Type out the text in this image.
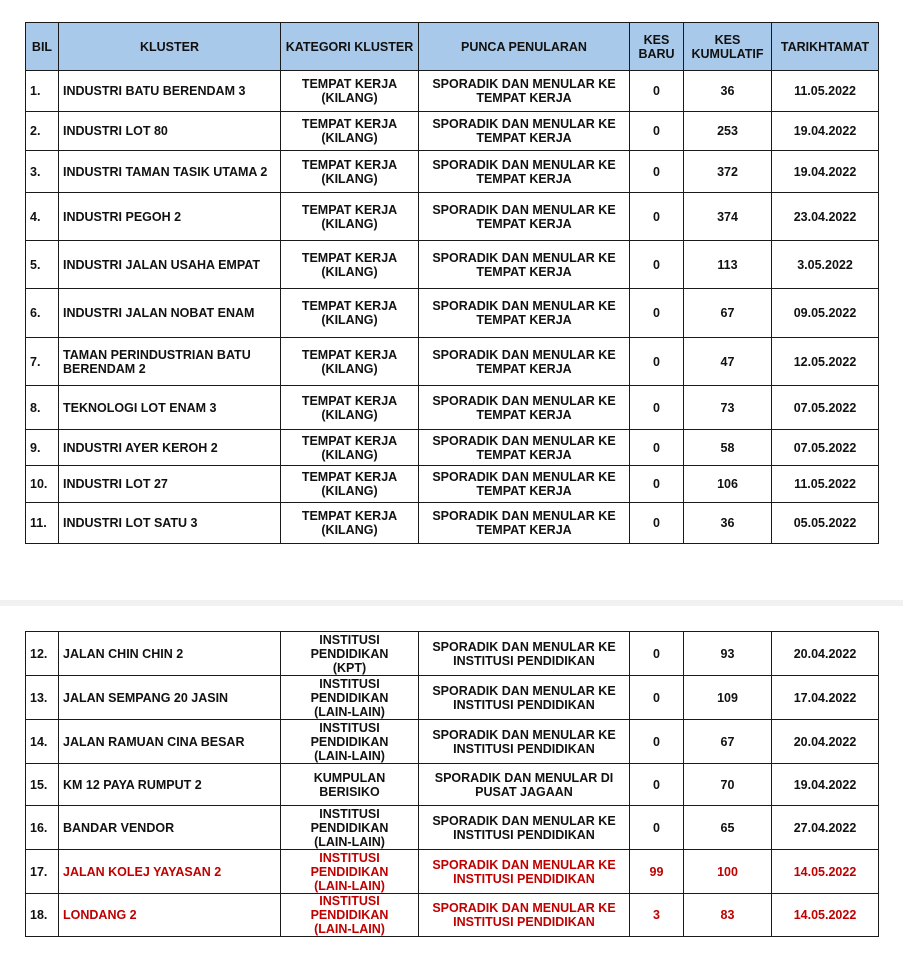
BIL	KLUSTER	KATEGORI KLUSTER	PUNCA PENULARAN	KES
BARU	KES
KUMULATIF	TARIKHTAMAT
1.	INDUSTRI BATU BERENDAM 3	TEMPAT KERJA
(KILANG)	SPORADIK DAN MENULAR KE
TEMPAT KERJA	0	36	11.05.2022
2.	INDUSTRI LOT 80	TEMPAT KERJA
(KILANG)	SPORADIK DAN MENULAR KE
TEMPAT KERJA	0	253	19.04.2022
3.	INDUSTRI TAMAN TASIK UTAMA 2	TEMPAT KERJA
(KILANG)	SPORADIK DAN MENULAR KE
TEMPAT KERJA	0	372	19.04.2022
4.	INDUSTRI PEGOH 2	TEMPAT KERJA
(KILANG)	SPORADIK DAN MENULAR KE
TEMPAT KERJA	0	374	23.04.2022
5.	INDUSTRI JALAN USAHA EMPAT	TEMPAT KERJA
(KILANG)	SPORADIK DAN MENULAR KE
TEMPAT KERJA	0	113	3.05.2022
6.	INDUSTRI JALAN NOBAT ENAM	TEMPAT KERJA
(KILANG)	SPORADIK DAN MENULAR KE
TEMPAT KERJA	0	67	09.05.2022
7.	TAMAN PERINDUSTRIAN BATU
BERENDAM 2	TEMPAT KERJA
(KILANG)	SPORADIK DAN MENULAR KE
TEMPAT KERJA	0	47	12.05.2022
8.	TEKNOLOGI LOT ENAM 3	TEMPAT KERJA
(KILANG)	SPORADIK DAN MENULAR KE
TEMPAT KERJA	0	73	07.05.2022
9.	INDUSTRI AYER KEROH 2	TEMPAT KERJA
(KILANG)	SPORADIK DAN MENULAR KE
TEMPAT KERJA	0	58	07.05.2022
10.	INDUSTRI LOT 27	TEMPAT KERJA
(KILANG)	SPORADIK DAN MENULAR KE
TEMPAT KERJA	0	106	11.05.2022
11.	INDUSTRI LOT SATU 3	TEMPAT KERJA
(KILANG)	SPORADIK DAN MENULAR KE
TEMPAT KERJA	0	36	05.05.2022
12.	JALAN CHIN CHIN 2	INSTITUSI
PENDIDIKAN
(KPT)	SPORADIK DAN MENULAR KE
INSTITUSI PENDIDIKAN	0	93	20.04.2022
13.	JALAN SEMPANG 20 JASIN	INSTITUSI
PENDIDIKAN
(LAIN-LAIN)	SPORADIK DAN MENULAR KE
INSTITUSI PENDIDIKAN	0	109	17.04.2022
14.	JALAN RAMUAN CINA BESAR	INSTITUSI
PENDIDIKAN
(LAIN-LAIN)	SPORADIK DAN MENULAR KE
INSTITUSI PENDIDIKAN	0	67	20.04.2022
15.	KM 12 PAYA RUMPUT 2	KUMPULAN BERISIKO	SPORADIK DAN MENULAR DI
PUSAT JAGAAN	0	70	19.04.2022
16.	BANDAR VENDOR	INSTITUSI
PENDIDIKAN
(LAIN-LAIN)	SPORADIK DAN MENULAR KE
INSTITUSI PENDIDIKAN	0	65	27.04.2022
17.	JALAN KOLEJ YAYASAN 2	INSTITUSI
PENDIDIKAN
(LAIN-LAIN)	SPORADIK DAN MENULAR KE
INSTITUSI PENDIDIKAN	99	100	14.05.2022
18.	LONDANG 2	INSTITUSI
PENDIDIKAN
(LAIN-LAIN)	SPORADIK DAN MENULAR KE
INSTITUSI PENDIDIKAN	3	83	14.05.2022
